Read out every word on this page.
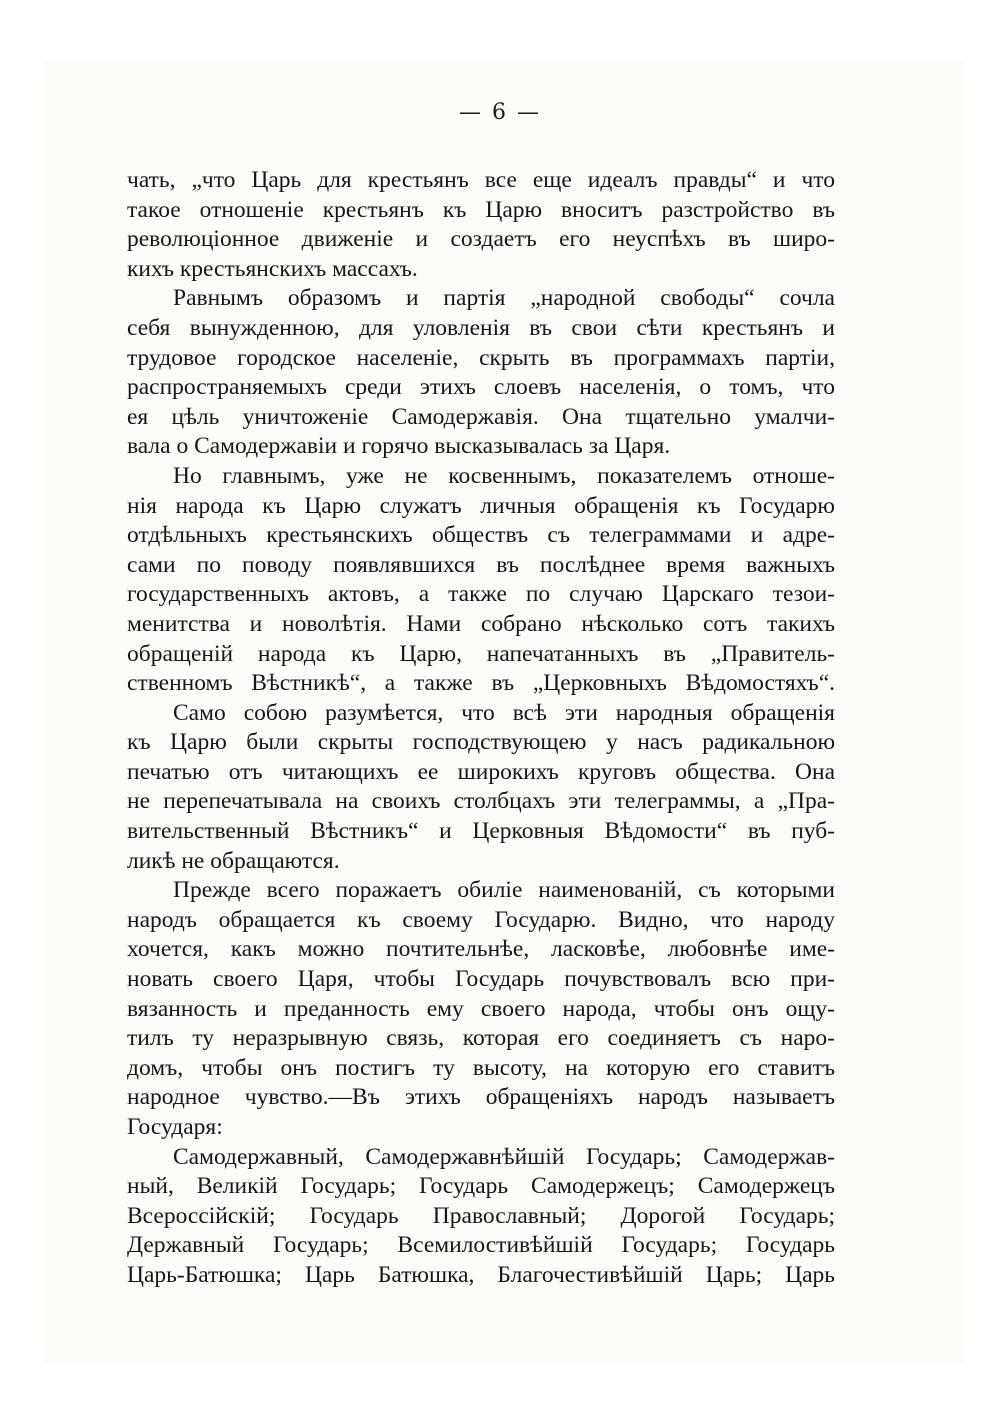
— 6 —
чать, „что Царь для крестьянъ все еще идеалъ правды“ и что
такое отношеніе крестьянъ къ Царю вноситъ разстройство въ
революціонное движеніе и создаетъ его неуспѣхъ въ широ-
кихъ крестьянскихъ массахъ.
Равнымъ образомъ и партія „народной свободы“ сочла
себя вынужденною, для уловленія въ свои сѣти крестьянъ и
трудовое городское населеніе, скрыть въ программахъ партіи,
распространяемыхъ среди этихъ слоевъ населенія, о томъ, что
ея цѣль уничтоженіе Самодержавія. Она тщательно умалчи-
вала о Самодержавіи и горячо высказывалась за Царя.
Но главнымъ, уже не косвеннымъ, показателемъ отноше-
нія народа къ Царю служатъ личныя обращенія къ Государю
отдѣльныхъ крестьянскихъ обществъ съ телеграммами и адре-
сами по поводу появлявшихся въ послѣднее время важныхъ
государственныхъ актовъ, а также по случаю Царскаго тезои-
менитства и новолѣтія. Нами собрано нѣсколько сотъ такихъ
обращеній народа къ Царю, напечатанныхъ въ „Правитель-
ственномъ Вѣстникѣ“, а также въ „Церковныхъ Вѣдомостяхъ“.
Само собою разумѣется, что всѣ эти народныя обращенія
къ Царю были скрыты господствующею у насъ радикальною
печатью отъ читающихъ ее широкихъ круговъ общества. Она
не перепечатывала на своихъ столбцахъ эти телеграммы, а „Пра-
вительственный Вѣстникъ“ и Церковныя Вѣдомости“ въ пуб-
ликѣ не обращаются.
Прежде всего поражаетъ обиліе наименованій, съ которыми
народъ обращается къ своему Государю. Видно, что народу
хочется, какъ можно почтительнѣе, ласковѣе, любовнѣе име-
новать своего Царя, чтобы Государь почувствовалъ всю при-
вязанность и преданность ему своего народа, чтобы онъ ощу-
тилъ ту неразрывную связь, которая его соединяетъ съ наро-
домъ, чтобы онъ постигъ ту высоту, на которую его ставитъ
народное чувство.—Въ этихъ обращеніяхъ народъ называетъ
Государя:
Самодержавный, Самодержавнѣйшій Государь; Самодержав-
ный, Великій Государь; Государь Самодержецъ; Самодержецъ
Всероссійскій; Государь Православный; Дорогой Государь;
Державный Государь; Всемилостивѣйшій Государь; Государь
Царь-Батюшка; Царь Батюшка, Благочестивѣйшій Царь; Царь
